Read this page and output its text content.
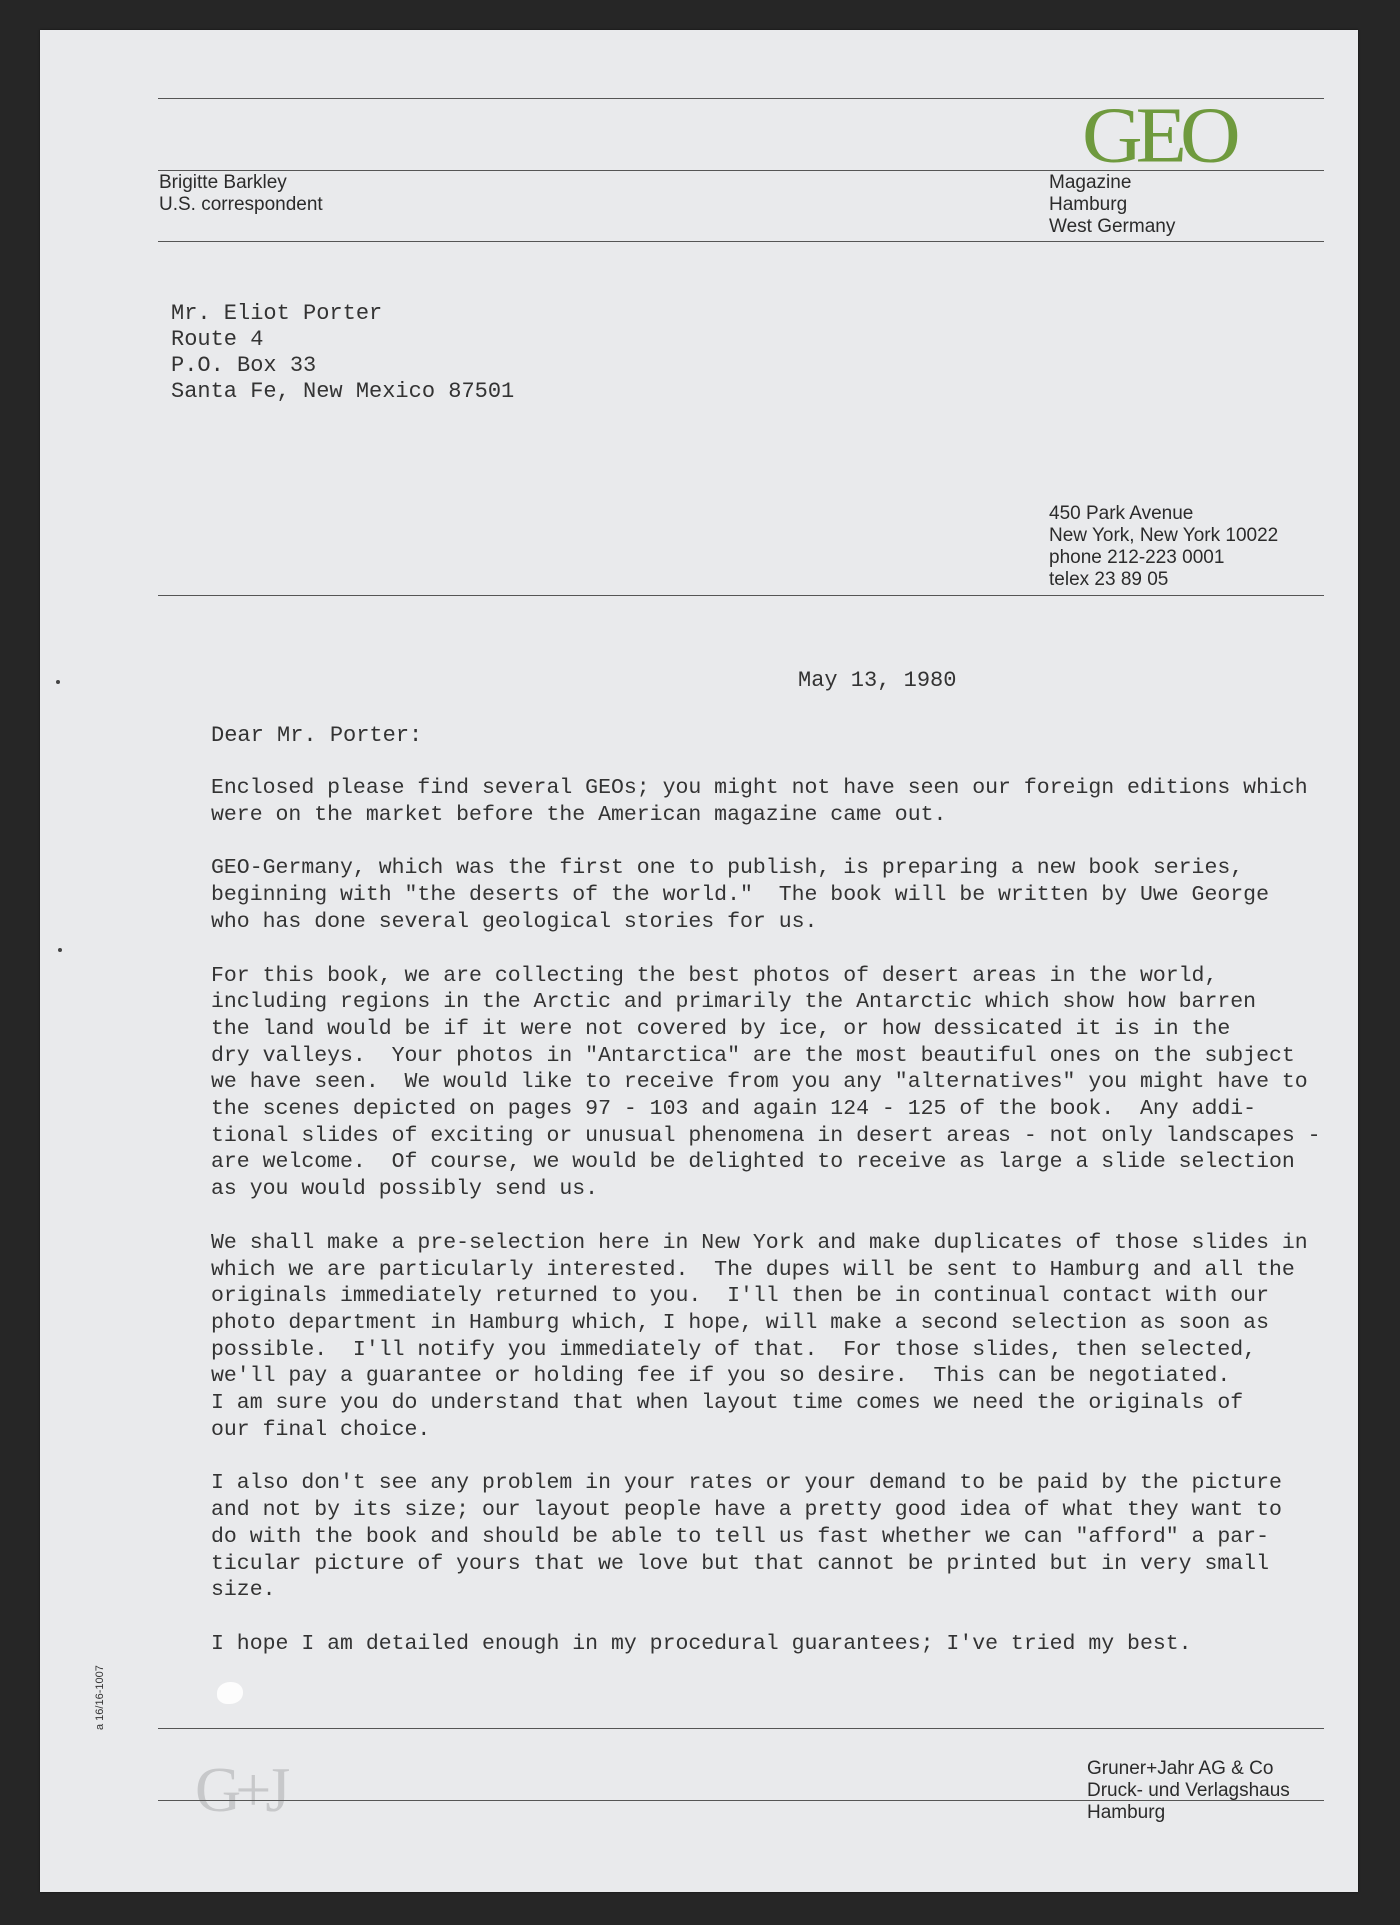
GEO
Brigitte Barkley
U.S. correspondent
Magazine
Hamburg
West Germany
Mr. Eliot Porter
Route 4
P.O. Box 33
Santa Fe, New Mexico 87501
450 Park Avenue
New York, New York 10022
phone 212-223 0001
telex 23 89 05
May 13, 1980
Dear Mr. Porter:

Enclosed please find several GEOs; you might not have seen our foreign editions which
were on the market before the American magazine came out.

GEO-Germany, which was the first one to publish, is preparing a new book series,
beginning with "the deserts of the world."  The book will be written by Uwe George
who has done several geological stories for us.

For this book, we are collecting the best photos of desert areas in the world,
including regions in the Arctic and primarily the Antarctic which show how barren
the land would be if it were not covered by ice, or how dessicated it is in the
dry valleys.  Your photos in "Antarctica" are the most beautiful ones on the subject
we have seen.  We would like to receive from you any "alternatives" you might have to
the scenes depicted on pages 97 - 103 and again 124 - 125 of the book.  Any addi-
tional slides of exciting or unusual phenomena in desert areas - not only landscapes -
are welcome.  Of course, we would be delighted to receive as large a slide selection
as you would possibly send us.

We shall make a pre-selection here in New York and make duplicates of those slides in
which we are particularly interested.  The dupes will be sent to Hamburg and all the
originals immediately returned to you.  I'll then be in continual contact with our
photo department in Hamburg which, I hope, will make a second selection as soon as
possible.  I'll notify you immediately of that.  For those slides, then selected,
we'll pay a guarantee or holding fee if you so desire.  This can be negotiated.
I am sure you do understand that when layout time comes we need the originals of
our final choice.

I also don't see any problem in your rates or your demand to be paid by the picture
and not by its size; our layout people have a pretty good idea of what they want to
do with the book and should be able to tell us fast whether we can "afford" a par-
ticular picture of yours that we love but that cannot be printed but in very small
size.

I hope I am detailed enough in my procedural guarantees; I've tried my best.

a 16/16-1007
G+J	Gruner+Jahr AG & Co
Druck- und Verlagshaus
Hamburg
